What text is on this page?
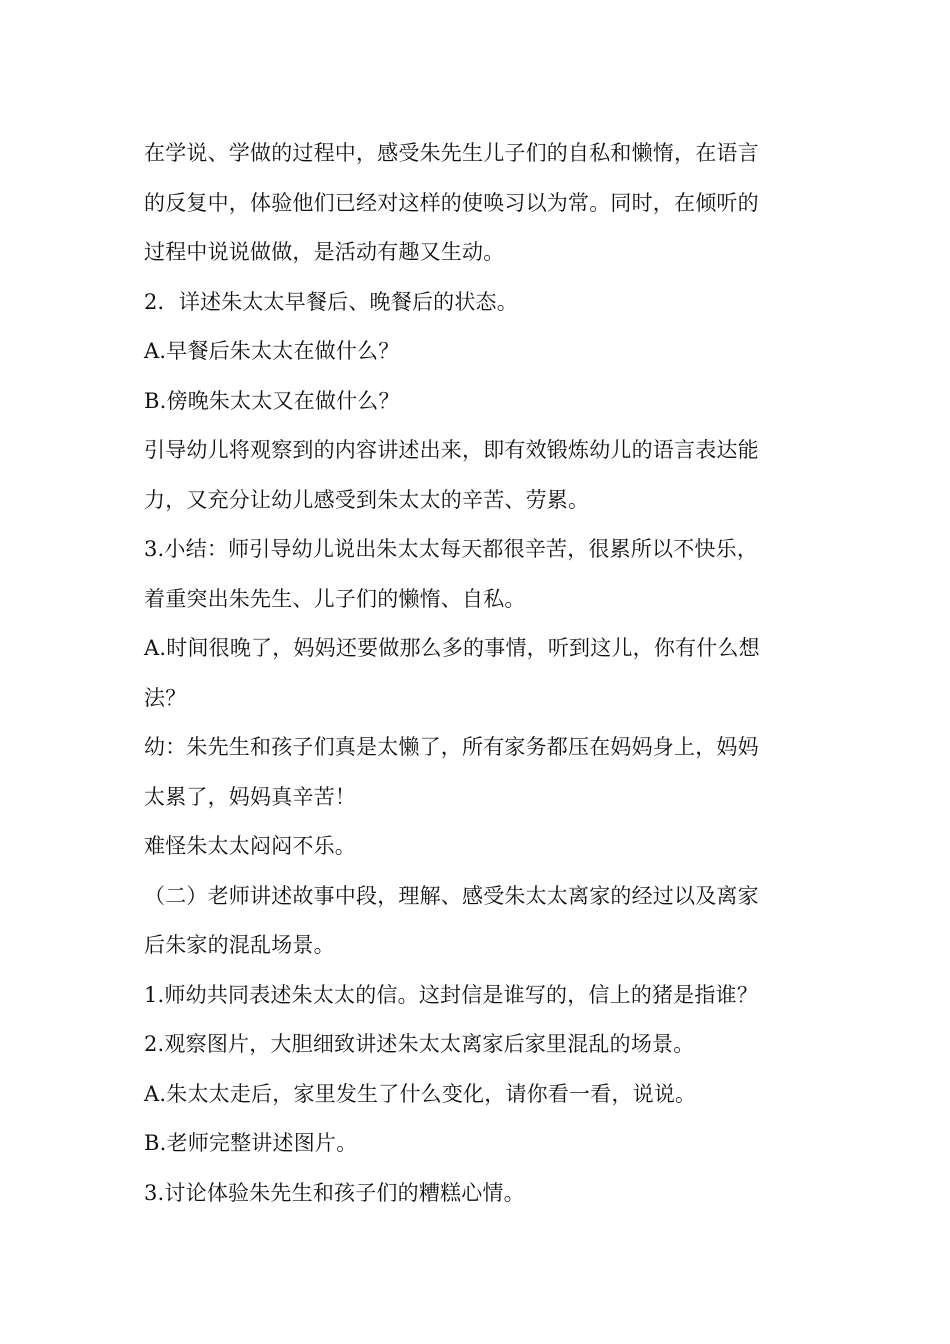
在学说、学做的过程中，感受朱先生儿子们的自私和懒惰，在语言
的反复中，体验他们已经对这样的使唤习以为常。同时，在倾听的
过程中说说做做，是活动有趣又生动。
2．详述朱太太早餐后、晚餐后的状态。
A.早餐后朱太太在做什么？
B.傍晚朱太太又在做什么？
引导幼儿将观察到的内容讲述出来，即有效锻炼幼儿的语言表达能
力，又充分让幼儿感受到朱太太的辛苦、劳累。
3.小结：师引导幼儿说出朱太太每天都很辛苦，很累所以不快乐，
着重突出朱先生、儿子们的懒惰、自私。
A.时间很晚了，妈妈还要做那么多的事情，听到这儿，你有什么想
法？
幼：朱先生和孩子们真是太懒了，所有家务都压在妈妈身上，妈妈
太累了，妈妈真辛苦！
难怪朱太太闷闷不乐。
（二）老师讲述故事中段，理解、感受朱太太离家的经过以及离家
后朱家的混乱场景。
1.师幼共同表述朱太太的信。这封信是谁写的，信上的猪是指谁？
2.观察图片，大胆细致讲述朱太太离家后家里混乱的场景。
A.朱太太走后，家里发生了什么变化，请你看一看，说说。
B.老师完整讲述图片。
3.讨论体验朱先生和孩子们的糟糕心情。
